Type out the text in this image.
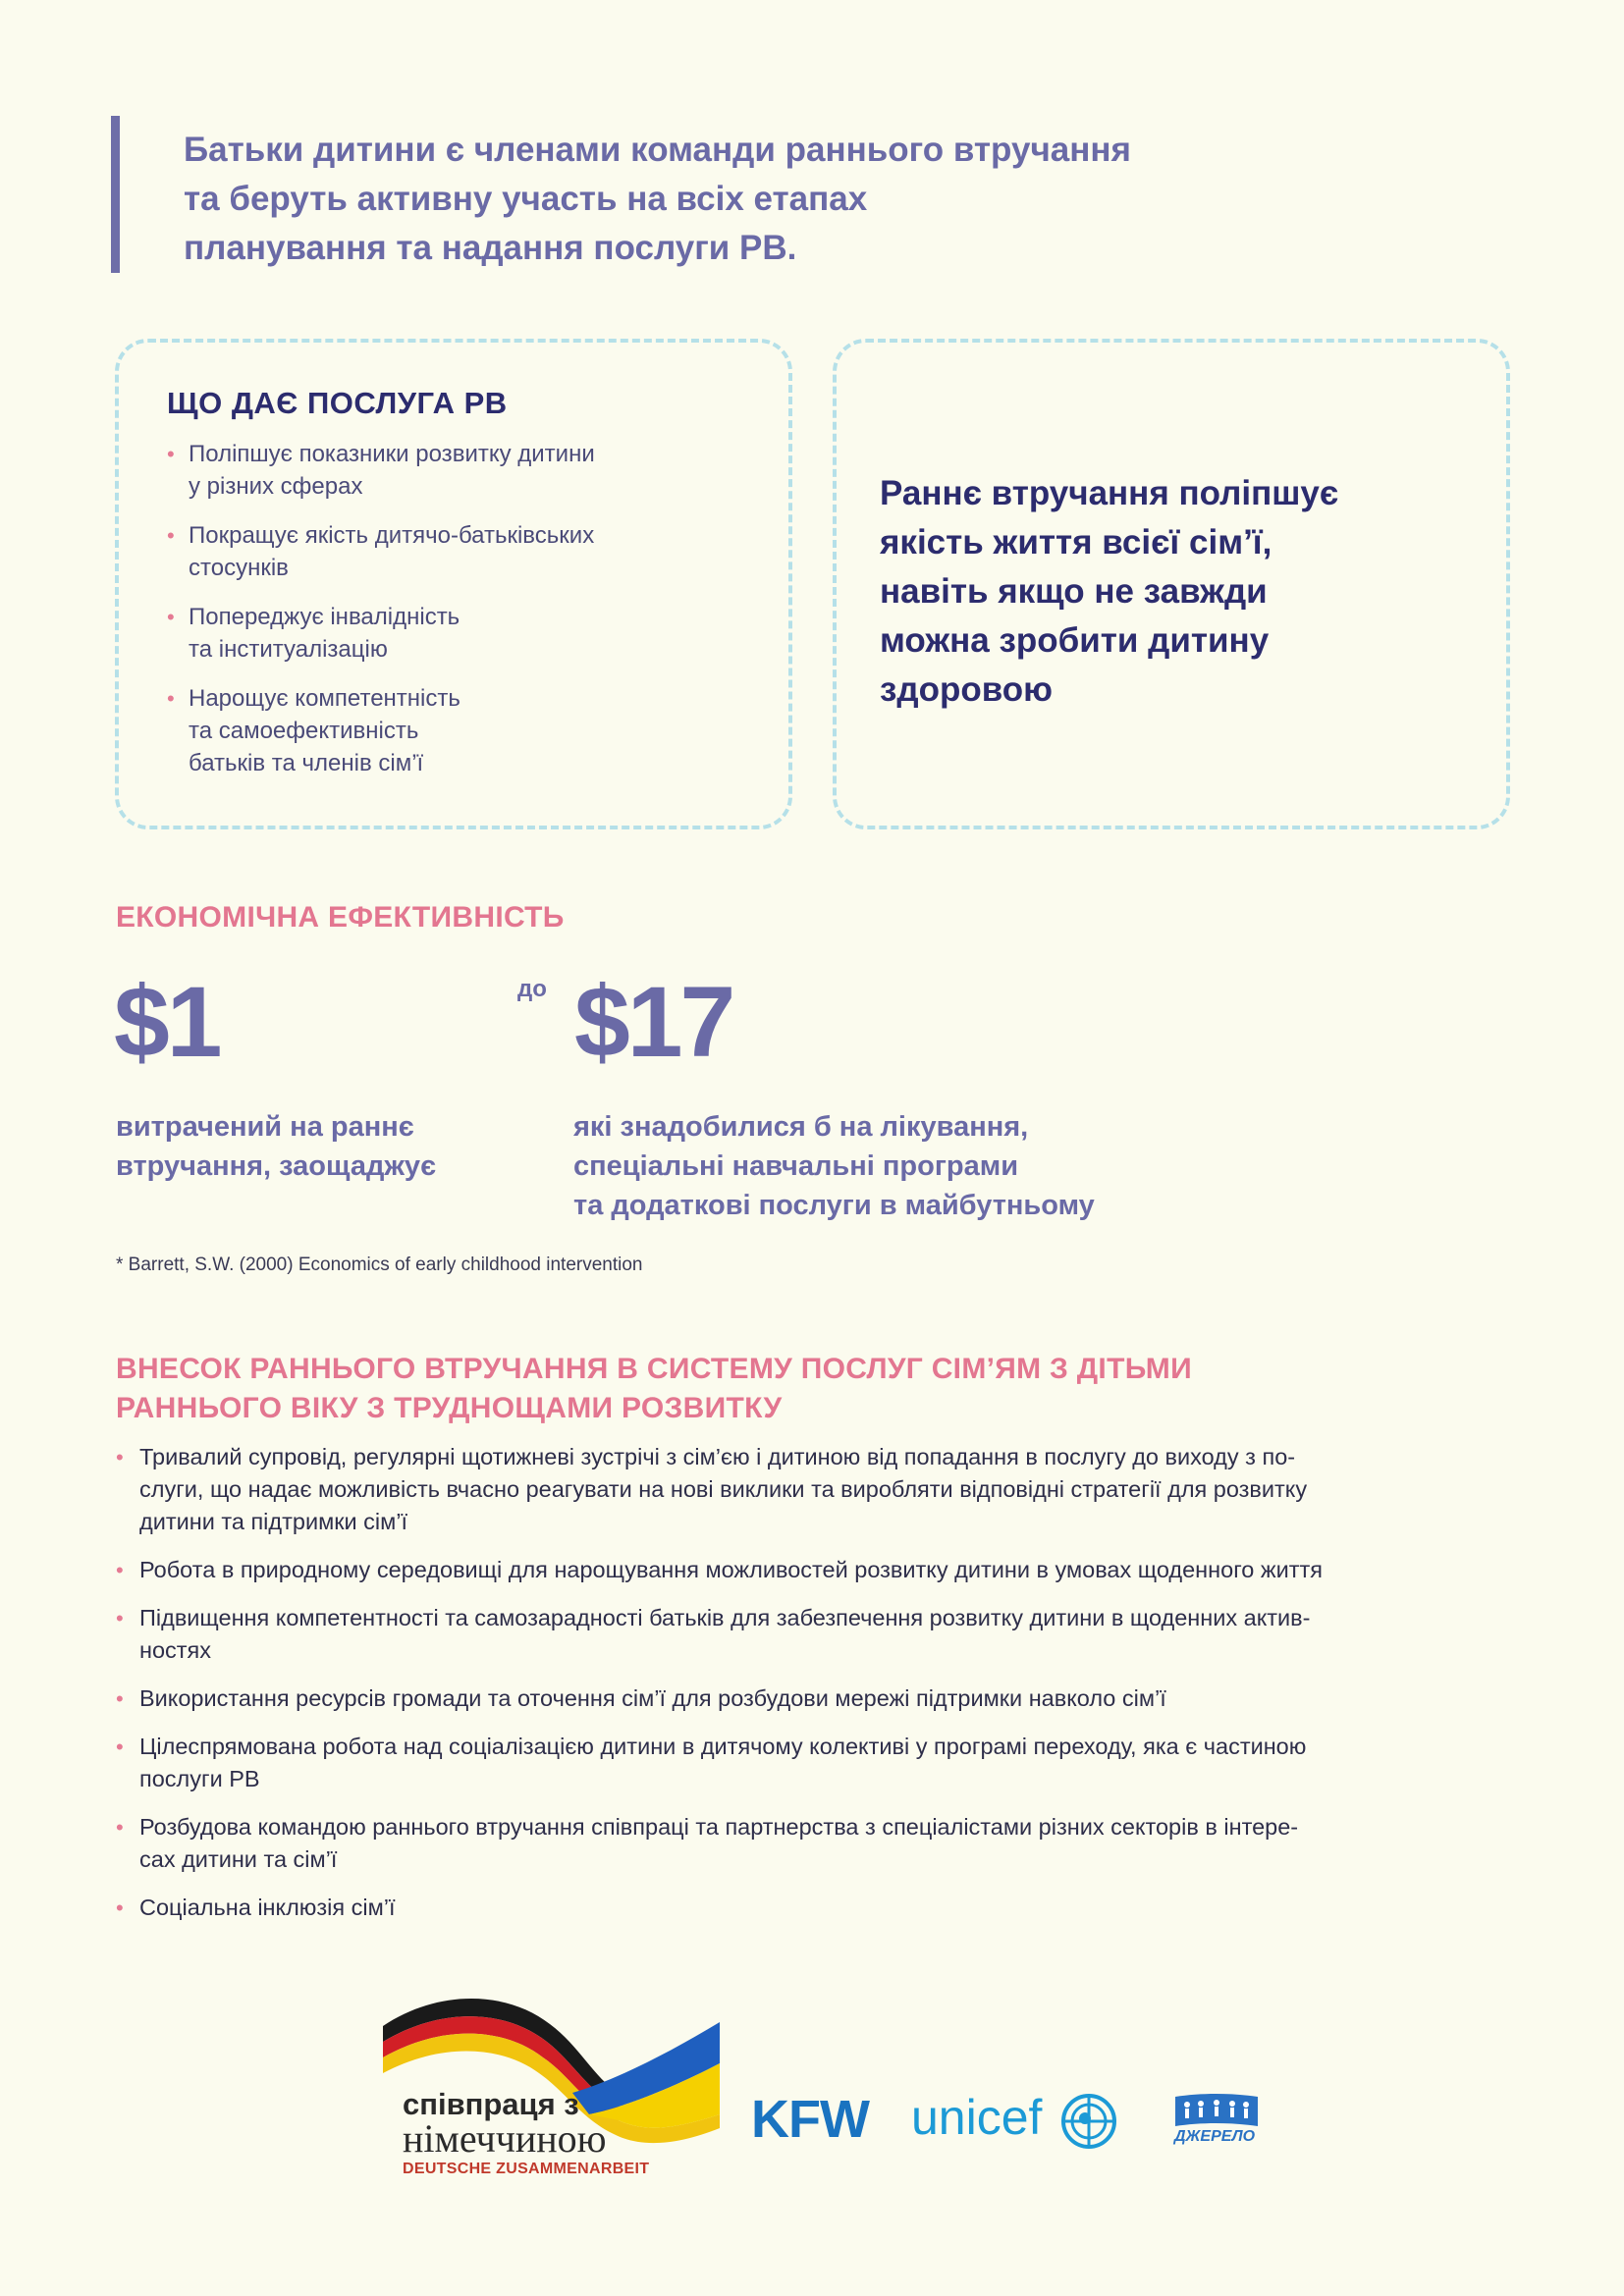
Батьки дитини є членами команди раннього втручання
та беруть активну участь на всіх етапах
планування та надання послуги РВ.
ЩО ДАЄ ПОСЛУГА РВ
• Поліпшує показники розвитку дитини
у різних сферах
• Покращує якість дитячо-батьківських
стосунків
• Попереджує інвалідність
та інституалізацію
• Нарощує компетентність
та самоефективність
батьків та членів сім’ї
Раннє втручання поліпшує
якість життя всієї сім’ї,
навіть якщо не завжди
можна зробити дитину
здоровою
ЕКОНОМІЧНА ЕФЕКТИВНІСТЬ
$1	до $17
витрачений на раннє
втручання, заощаджує
які знадобилися б на лікування,
спеціальні навчальні програми
та додаткові послуги в майбутньому
* Barrett, S.W. (2000) Economics of early childhood intervention
ВНЕСОК РАННЬОГО ВТРУЧАННЯ В СИСТЕМУ ПОСЛУГ СІМ’ЯМ З ДІТЬМИ
РАННЬОГО ВІКУ З ТРУДНОЩАМИ РОЗВИТКУ
• Тривалий супровід, регулярні щотижневі зустрічі з сім’єю і дитиною від попадання в послугу до виходу з по-
слуги, що надає можливість вчасно реагувати на нові виклики та виробляти відповідні стратегії для розвитку
дитини та підтримки сім’ї
• Робота в природному середовищі для нарощування можливостей розвитку дитини в умовах щоденного життя
• Підвищення компетентності та самозарадності батьків для забезпечення розвитку дитини в щоденних актив-
ностях
• Використання ресурсів громади та оточення сім’ї для розбудови мережі підтримки навколо сім’ї
• Цілеспрямована робота над соціалізацією дитини в дитячому колективі у програмі переходу, яка є частиною
послуги РВ
• Розбудова командою раннього втручання співпраці та партнерства з спеціалістами різних секторів в інтере-
сах дитини та сім’ї
• Соціальна інклюзія сім’ї
співпраця з
німеччиною
DEUTSCHE ZUSAMMENARBEIT
KFW unicef	ДЖЕРЕЛО
